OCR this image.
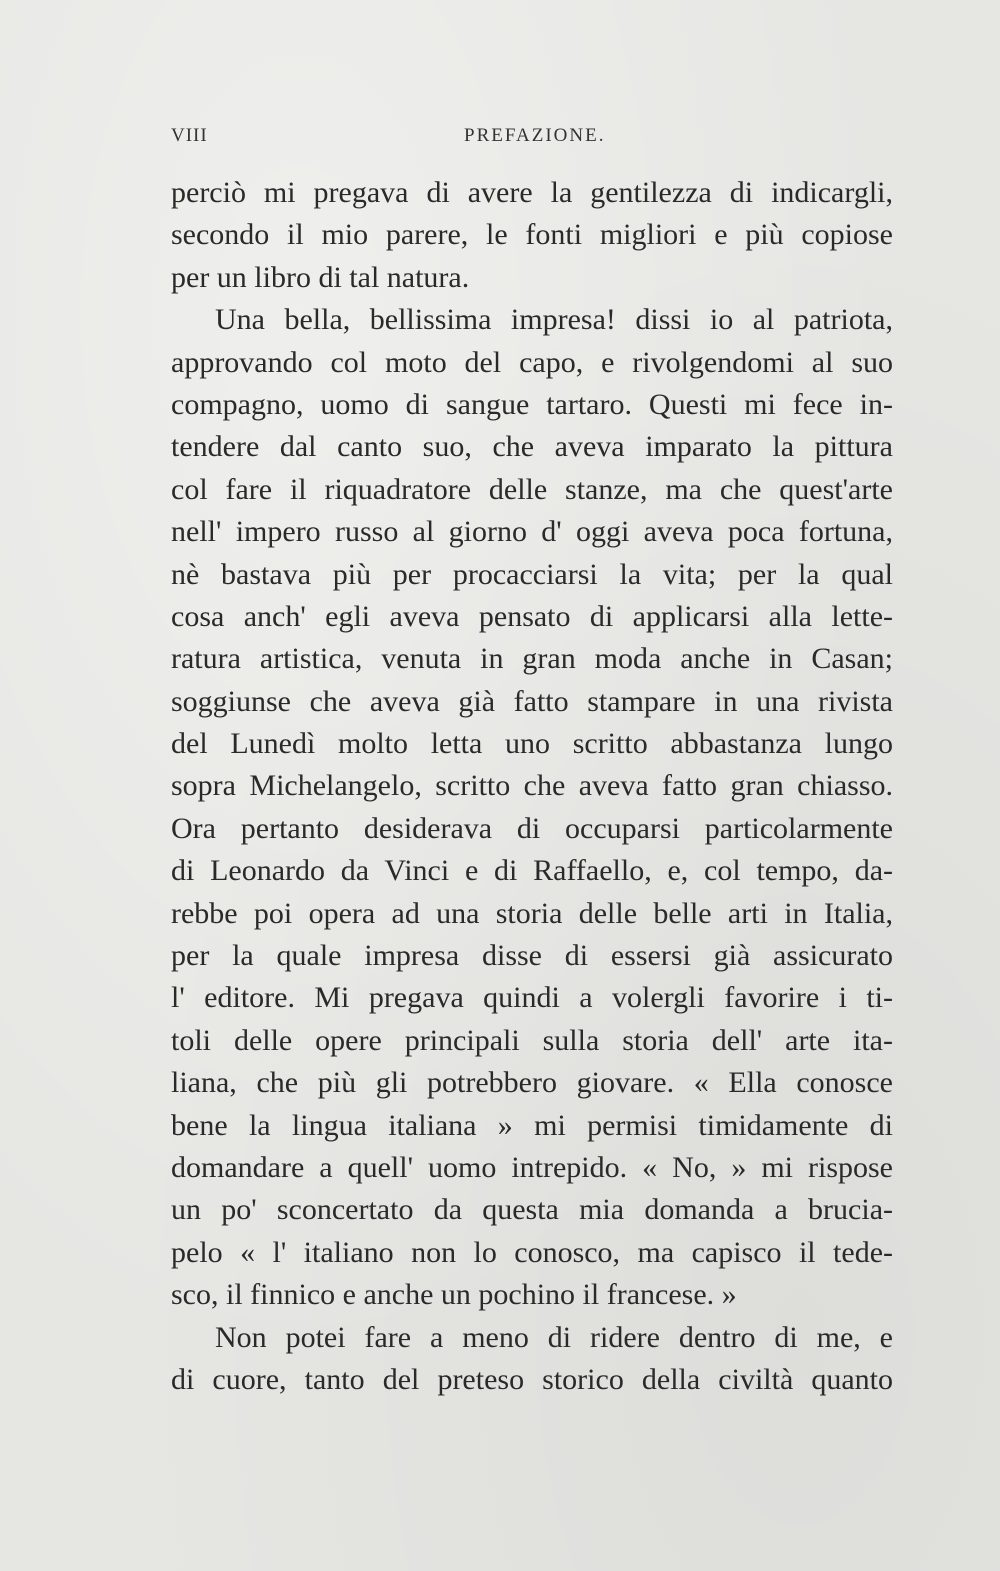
VIII	PREFAZIONE.
perciò mi pregava di avere la gentilezza di indicargli,
secondo il mio parere, le fonti migliori e più copiose
per un libro di tal natura.
Una bella, bellissima impresa! dissi io al patriota,
approvando col moto del capo, e rivolgendomi al suo
compagno, uomo di sangue tartaro. Questi mi fece in-
tendere dal canto suo, che aveva imparato la pittura
col fare il riquadratore delle stanze, ma che quest'arte
nell' impero russo al giorno d' oggi aveva poca fortuna,
nè bastava più per procacciarsi la vita; per la qual
cosa anch' egli aveva pensato di applicarsi alla lette-
ratura artistica, venuta in gran moda anche in Casan;
soggiunse che aveva già fatto stampare in una rivista
del Lunedì molto letta uno scritto abbastanza lungo
sopra Michelangelo, scritto che aveva fatto gran chiasso.
Ora pertanto desiderava di occuparsi particolarmente
di Leonardo da Vinci e di Raffaello, e, col tempo, da-
rebbe poi opera ad una storia delle belle arti in Italia,
per la quale impresa disse di essersi già assicurato
l' editore. Mi pregava quindi a volergli favorire i ti-
toli delle opere principali sulla storia dell' arte ita-
liana, che più gli potrebbero giovare. « Ella conosce
bene la lingua italiana » mi permisi timidamente di
domandare a quell' uomo intrepido. « No, » mi rispose
un po' sconcertato da questa mia domanda a brucia-
pelo « l' italiano non lo conosco, ma capisco il tede-
sco, il finnico e anche un pochino il francese. »
Non potei fare a meno di ridere dentro di me, e
di cuore, tanto del preteso storico della civiltà quanto
